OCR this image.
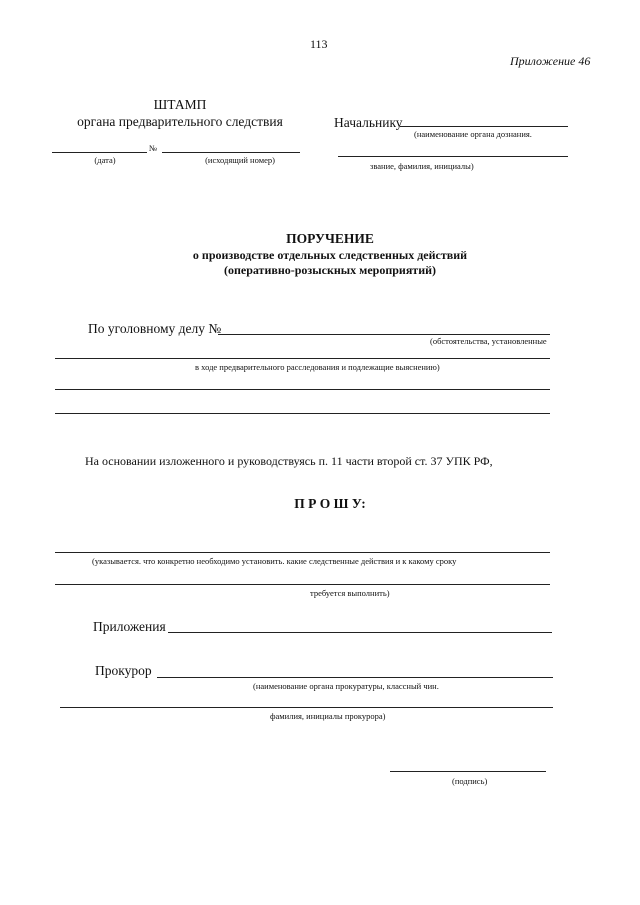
113
Приложение 46
ШТАМП
органа предварительного следствия
№
(дата)	(исходящий номер)
Начальнику
(наименование органа дознания.
звание, фамилия, инициалы)
ПОРУЧЕНИЕ
о производстве отдельных следственных действий
(оперативно-розыскных мероприятий)
По уголовному делу №
(обстоятельства, установленные
в ходе предварительного расследования и подлежащие выяснению)
На основании изложенного и руководствуясь п. 11 части второй ст. 37 УПК РФ,
П Р О Ш У:
(указывается. что конкретно необходимо установить. какие следственные действия и к какому сроку
требуется выполнить)
Приложения
Прокурор
(наименование органа прокуратуры, классный чин.
фамилия, инициалы прокурора)
(подпись)
